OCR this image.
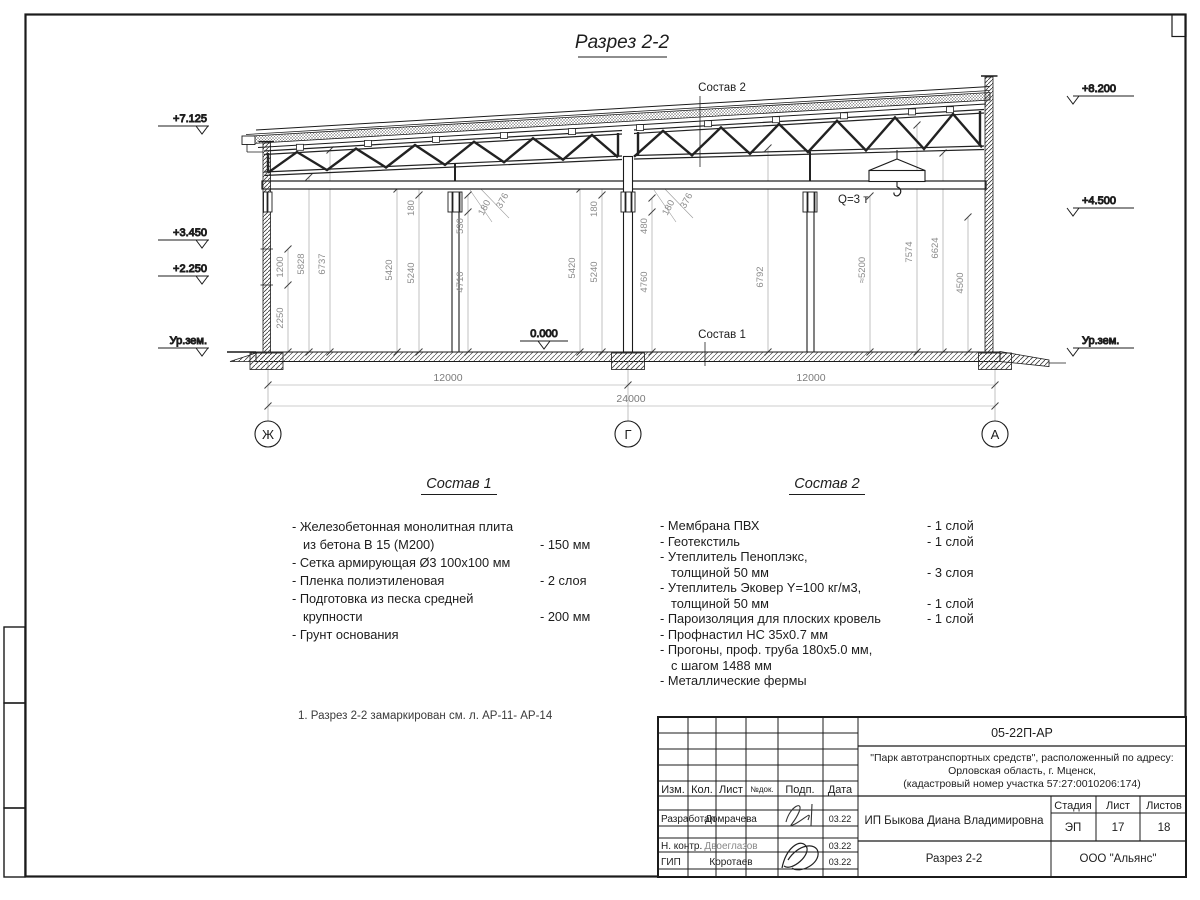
Разрез 2-2
+7.125
+3.450
+2.250
Ур.зем.
+8.200
+4.500
Ур.зем.
0.000
Состав 2
Состав 1
Q=3 т
2250
1200 5828 6737	5420 5240
180
530
180 376
4710
5420 5240
180
480
180 376
4760	6792	≈5200
7574 6624
4500
12000	12000
24000
Ж	Г	А
Изм. Кол. Лист №док. Подп. Дата
Разработал
Домрачева	03.22
Н. контр. Двоеглазов	03.22
ГИП	Коротаев	03.22
05-22П-АР
"Парк автотранспортных средств", расположенный по адресу:
Орловская область, г. Мценск,
(кадастровый номер участка 57:27:0010206:174)
ИП Быкова Диана Владимировна
Стадия Лист Листов
ЭП	17	18
Разрез 2-2	ООО "Альянс"
Состав 1
- Железобетонная монолитная плита
из бетона В 15 (М200)	- 150 мм
- Сетка армирующая Ø3 100х100 мм
- Пленка полиэтиленовая	- 2 слоя
- Подготовка из песка средней
крупности	- 200 мм
- Грунт основания
Состав 2
- Мембрана ПВХ	- 1 слой
- Геотекстиль	- 1 слой
- Утеплитель Пеноплэкс,
толщиной 50 мм	- 3 слоя
- Утеплитель Эковер Y=100 кг/м3,
толщиной 50 мм	- 1 слой
- Пароизоляция для плоских кровель	- 1 слой
- Профнастил НС 35х0.7 мм
- Прогоны, проф. труба 180х5.0 мм,
с шагом 1488 мм
- Металлические фермы
1. Разрез 2-2 замаркирован см. л. АР-11- АР-14
